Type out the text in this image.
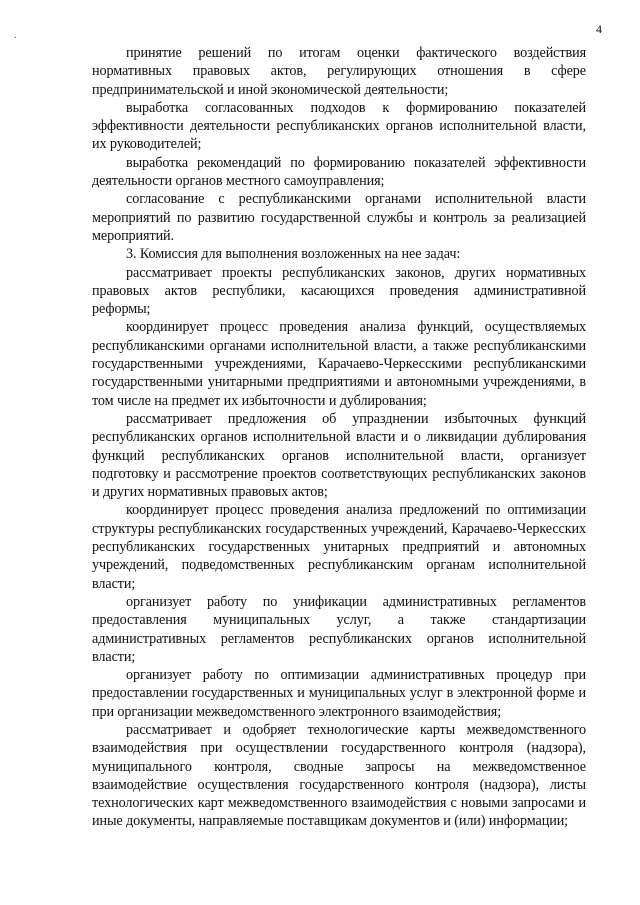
.	4

принятие решений по итогам оценки фактического воздействия нормативных правовых актов, регулирующих отношения в сфере предпринимательской и иной экономической деятельности;

выработка согласованных подходов к формированию показателей эффективности деятельности республиканских органов исполнительной власти, их руководителей;

выработка рекомендаций по формированию показателей эффективности деятельности органов местного самоуправления;

согласование с республиканскими органами исполнительной власти мероприятий по развитию государственной службы и контроль за реализацией мероприятий.

3. Комиссия для выполнения возложенных на нее задач:

рассматривает проекты республиканских законов, других нормативных правовых актов республики, касающихся проведения административной реформы;

координирует процесс проведения анализа функций, осуществляемых республиканскими органами исполнительной власти, а также республиканскими государственными учреждениями, Карачаево-Черкесскими республиканскими государственными унитарными предприятиями и автономными учреждениями, в том числе на предмет их избыточности и дублирования;

рассматривает предложения об упразднении избыточных функций республиканских органов исполнительной власти и о ликвидации дублирования функций республиканских органов исполнительной власти, организует подготовку и рассмотрение проектов соответствующих республиканских законов и других нормативных правовых актов;

координирует процесс проведения анализа предложений по оптимизации структуры республиканских государственных учреждений, Карачаево-Черкесских республиканских государственных унитарных предприятий и автономных учреждений, подведомственных республиканским органам исполнительной власти;

организует работу по унификации административных регламентов предоставления муниципальных услуг, а также стандартизации административных регламентов республиканских органов исполнительной власти;

организует работу по оптимизации административных процедур при предоставлении государственных и муниципальных услуг в электронной форме и при организации межведомственного электронного взаимодействия;

рассматривает и одобряет технологические карты межведомственного взаимодействия при осуществлении государственного контроля (надзора), муниципального контроля, сводные запросы на межведомственное взаимодействие осуществления государственного контроля (надзора), листы технологических карт межведомственного взаимодействия с новыми запросами и иные документы, направляемые поставщикам документов и (или) информации;
